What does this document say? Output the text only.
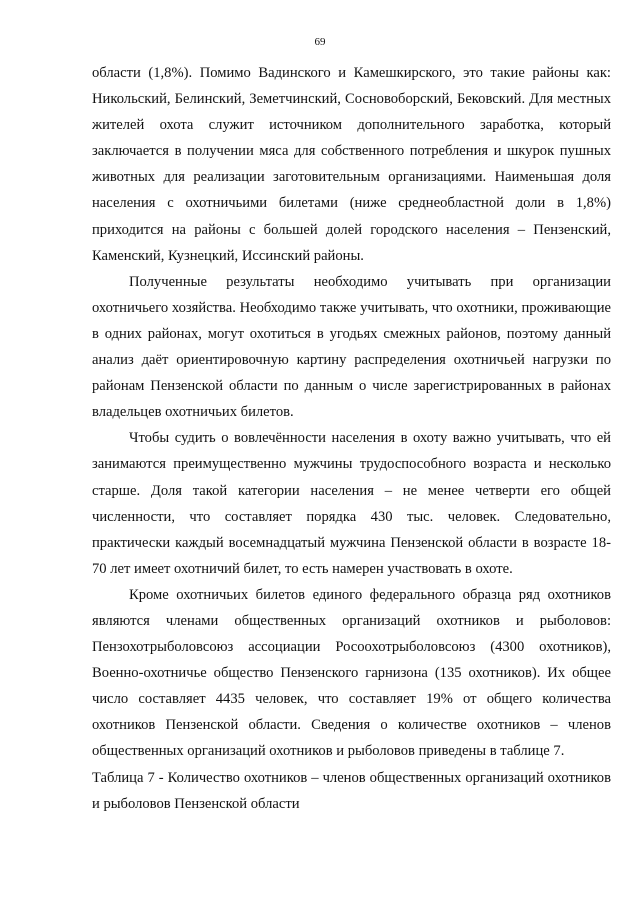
69

области (1,8%). Помимо Вадинского и Камешкирского, это такие районы как: Никольский, Белинский, Земетчинский, Сосновоборский, Бековский. Для местных жителей охота служит источником дополнительного заработка, который заключается в получении мяса для собственного потребления и шкурок пушных животных для реализации заготовительным организациями. Наименьшая доля населения с охотничьими билетами (ниже среднеобластной доли в 1,8%) приходится на районы с большей долей городского населения – Пензенский, Каменский, Кузнецкий, Иссинский районы.

Полученные результаты необходимо учитывать при организации охотничьего хозяйства. Необходимо также учитывать, что охотники, проживающие в одних районах, могут охотиться в угодьях смежных районов, поэтому данный анализ даёт ориентировочную картину распределения охотничьей нагрузки по районам Пензенской области по данным о числе зарегистрированных в районах владельцев охотничьих билетов.

Чтобы судить о вовлечённости населения в охоту важно учитывать, что ей занимаются преимущественно мужчины трудоспособного возраста и несколько старше. Доля такой категории населения – не менее четверти его общей численности, что составляет порядка 430 тыс. человек. Следовательно, практически каждый восемнадцатый мужчина Пензенской области в возрасте 18-70 лет имеет охотничий билет, то есть намерен участвовать в охоте.

Кроме охотничьих билетов единого федерального образца ряд охотников являются членами общественных организаций охотников и рыболовов: Пензохотрыболовсоюз ассоциации Росоохотрыболовсоюз (4300 охотников), Военно-охотничье общество Пензенского гарнизона (135 охотников). Их общее число составляет 4435 человек, что составляет 19% от общего количества охотников Пензенской области. Сведения о количестве охотников – членов общественных организаций охотников и рыболовов приведены в таблице 7.

Таблица 7 - Количество охотников – членов общественных организаций охотников и рыболовов Пензенской области
